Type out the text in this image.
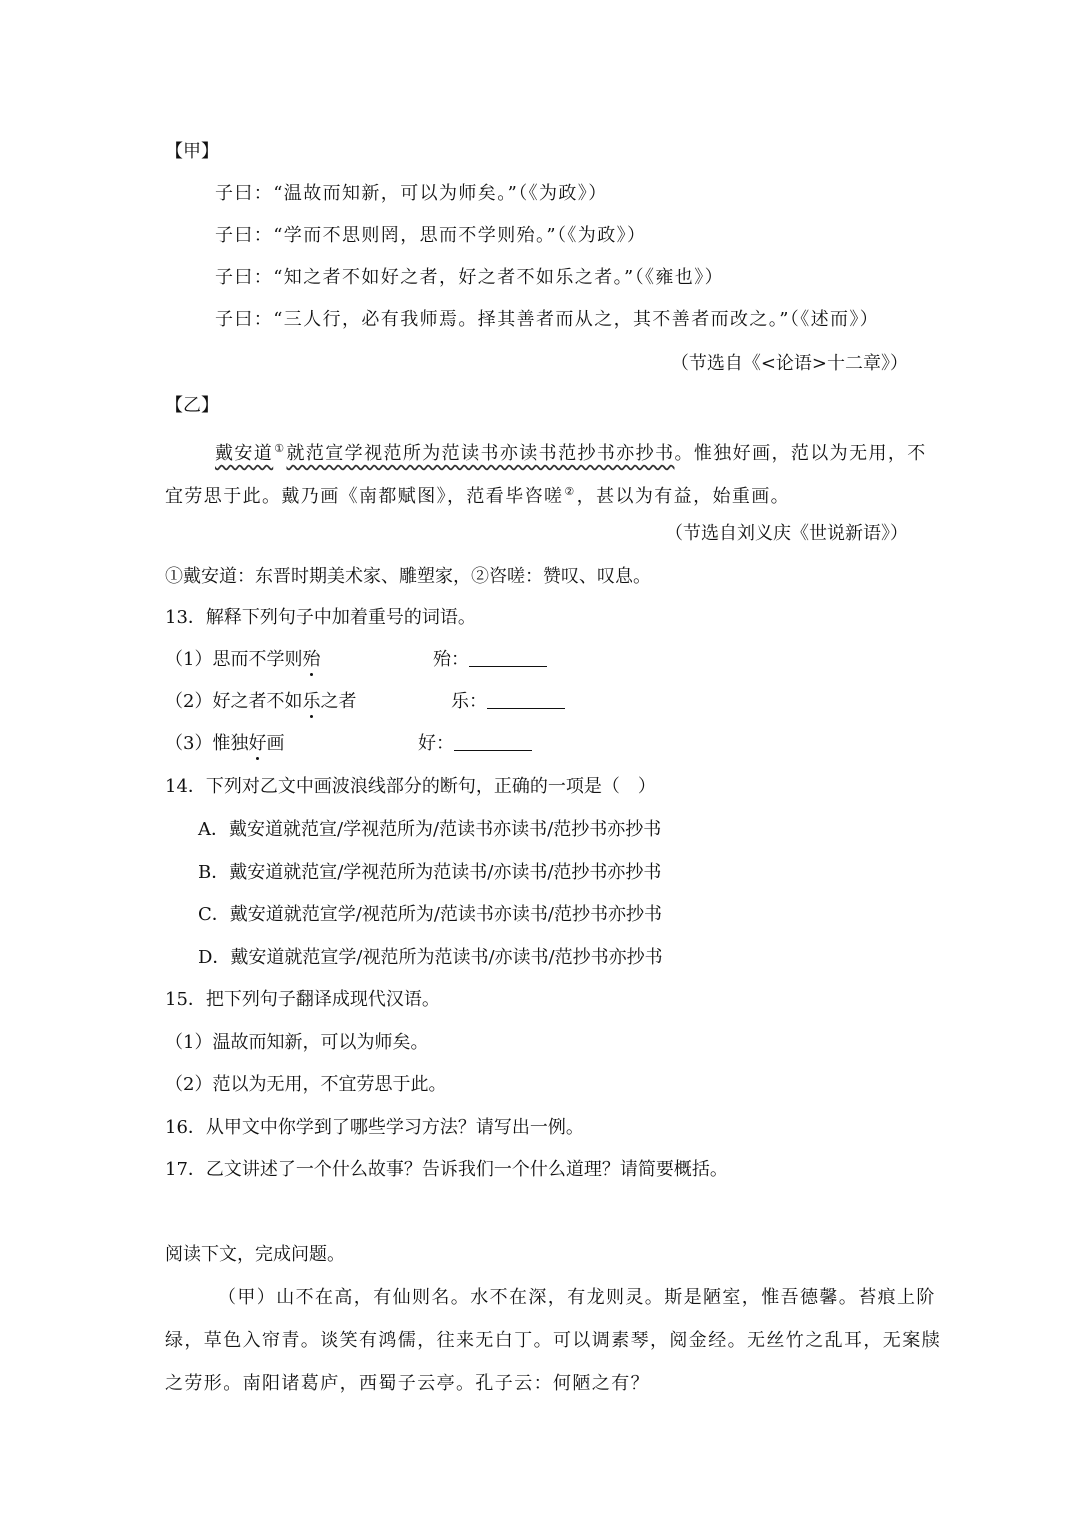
【甲】
子曰：“温故而知新，可以为师矣。”（《为政》）
子曰：“学而不思则罔，思而不学则殆。”（《为政》）
子曰：“知之者不如好之者，好之者不如乐之者。”（《雍也》）
子曰：“三人行，必有我师焉。择其善者而从之，其不善者而改之。”（《述而》）
（节选自《<论语>十二章》）
【乙】
戴安道①就范宣学视范所为范读书亦读书范抄书亦抄书。惟独好画，范以为无用，不
宜劳思于此。戴乃画《南都赋图》，范看毕咨嗟②，甚以为有益，始重画。
（节选自刘义庆《世说新语》）
①戴安道：东晋时期美术家、雕塑家，②咨嗟：赞叹、叹息。
13．解释下列句子中加着重号的词语。
（1）思而不学则殆	殆：
（2）好之者不如乐之者	乐：
（3）惟独好画	好：
14．下列对乙文中画波浪线部分的断句，正确的一项是（　）
A．戴安道就范宣/学视范所为/范读书亦读书/范抄书亦抄书
B．戴安道就范宣/学视范所为范读书/亦读书/范抄书亦抄书
C．戴安道就范宣学/视范所为/范读书亦读书/范抄书亦抄书
D．戴安道就范宣学/视范所为范读书/亦读书/范抄书亦抄书
15．把下列句子翻译成现代汉语。
（1）温故而知新，可以为师矣。
（2）范以为无用，不宜劳思于此。
16．从甲文中你学到了哪些学习方法？请写出一例。
17．乙文讲述了一个什么故事？告诉我们一个什么道理？请简要概括。
阅读下文，完成问题。
（甲）山不在高，有仙则名。水不在深，有龙则灵。斯是陋室，惟吾德馨。苔痕上阶
绿，草色入帘青。谈笑有鸿儒，往来无白丁。可以调素琴，阅金经。无丝竹之乱耳，无案牍
之劳形。南阳诸葛庐，西蜀子云亭。孔子云：何陋之有？
